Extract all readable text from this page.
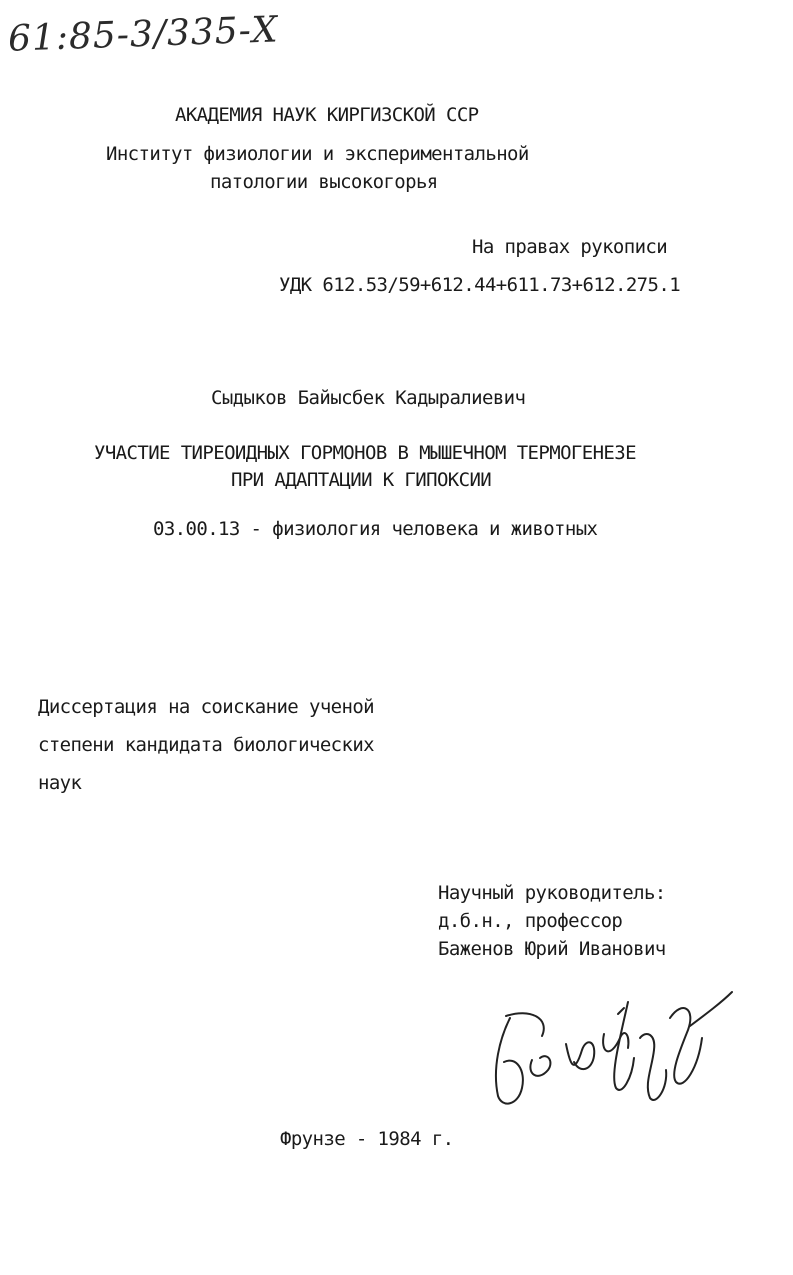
61:85-3/335-Х
АКАДЕМИЯ НАУК КИРГИЗСКОЙ ССР
Институт физиологии и экспериментальной
патологии высокогорья
На правах рукописи
УДК 612.53/59+612.44+611.73+612.275.1
Сыдыков Байысбек Кадыралиевич
УЧАСТИЕ ТИРЕОИДНЫХ ГОРМОНОВ В МЫШЕЧНОМ ТЕРМОГЕНЕЗЕ
ПРИ АДАПТАЦИИ К ГИПОКСИИ
03.00.13 - физиология человека и животных
Диссертация на соискание ученой
степени кандидата биологических
наук
Научный руководитель:
д.б.н., профессор
Баженов Юрий Иванович
Фрунзе - 1984 г.
